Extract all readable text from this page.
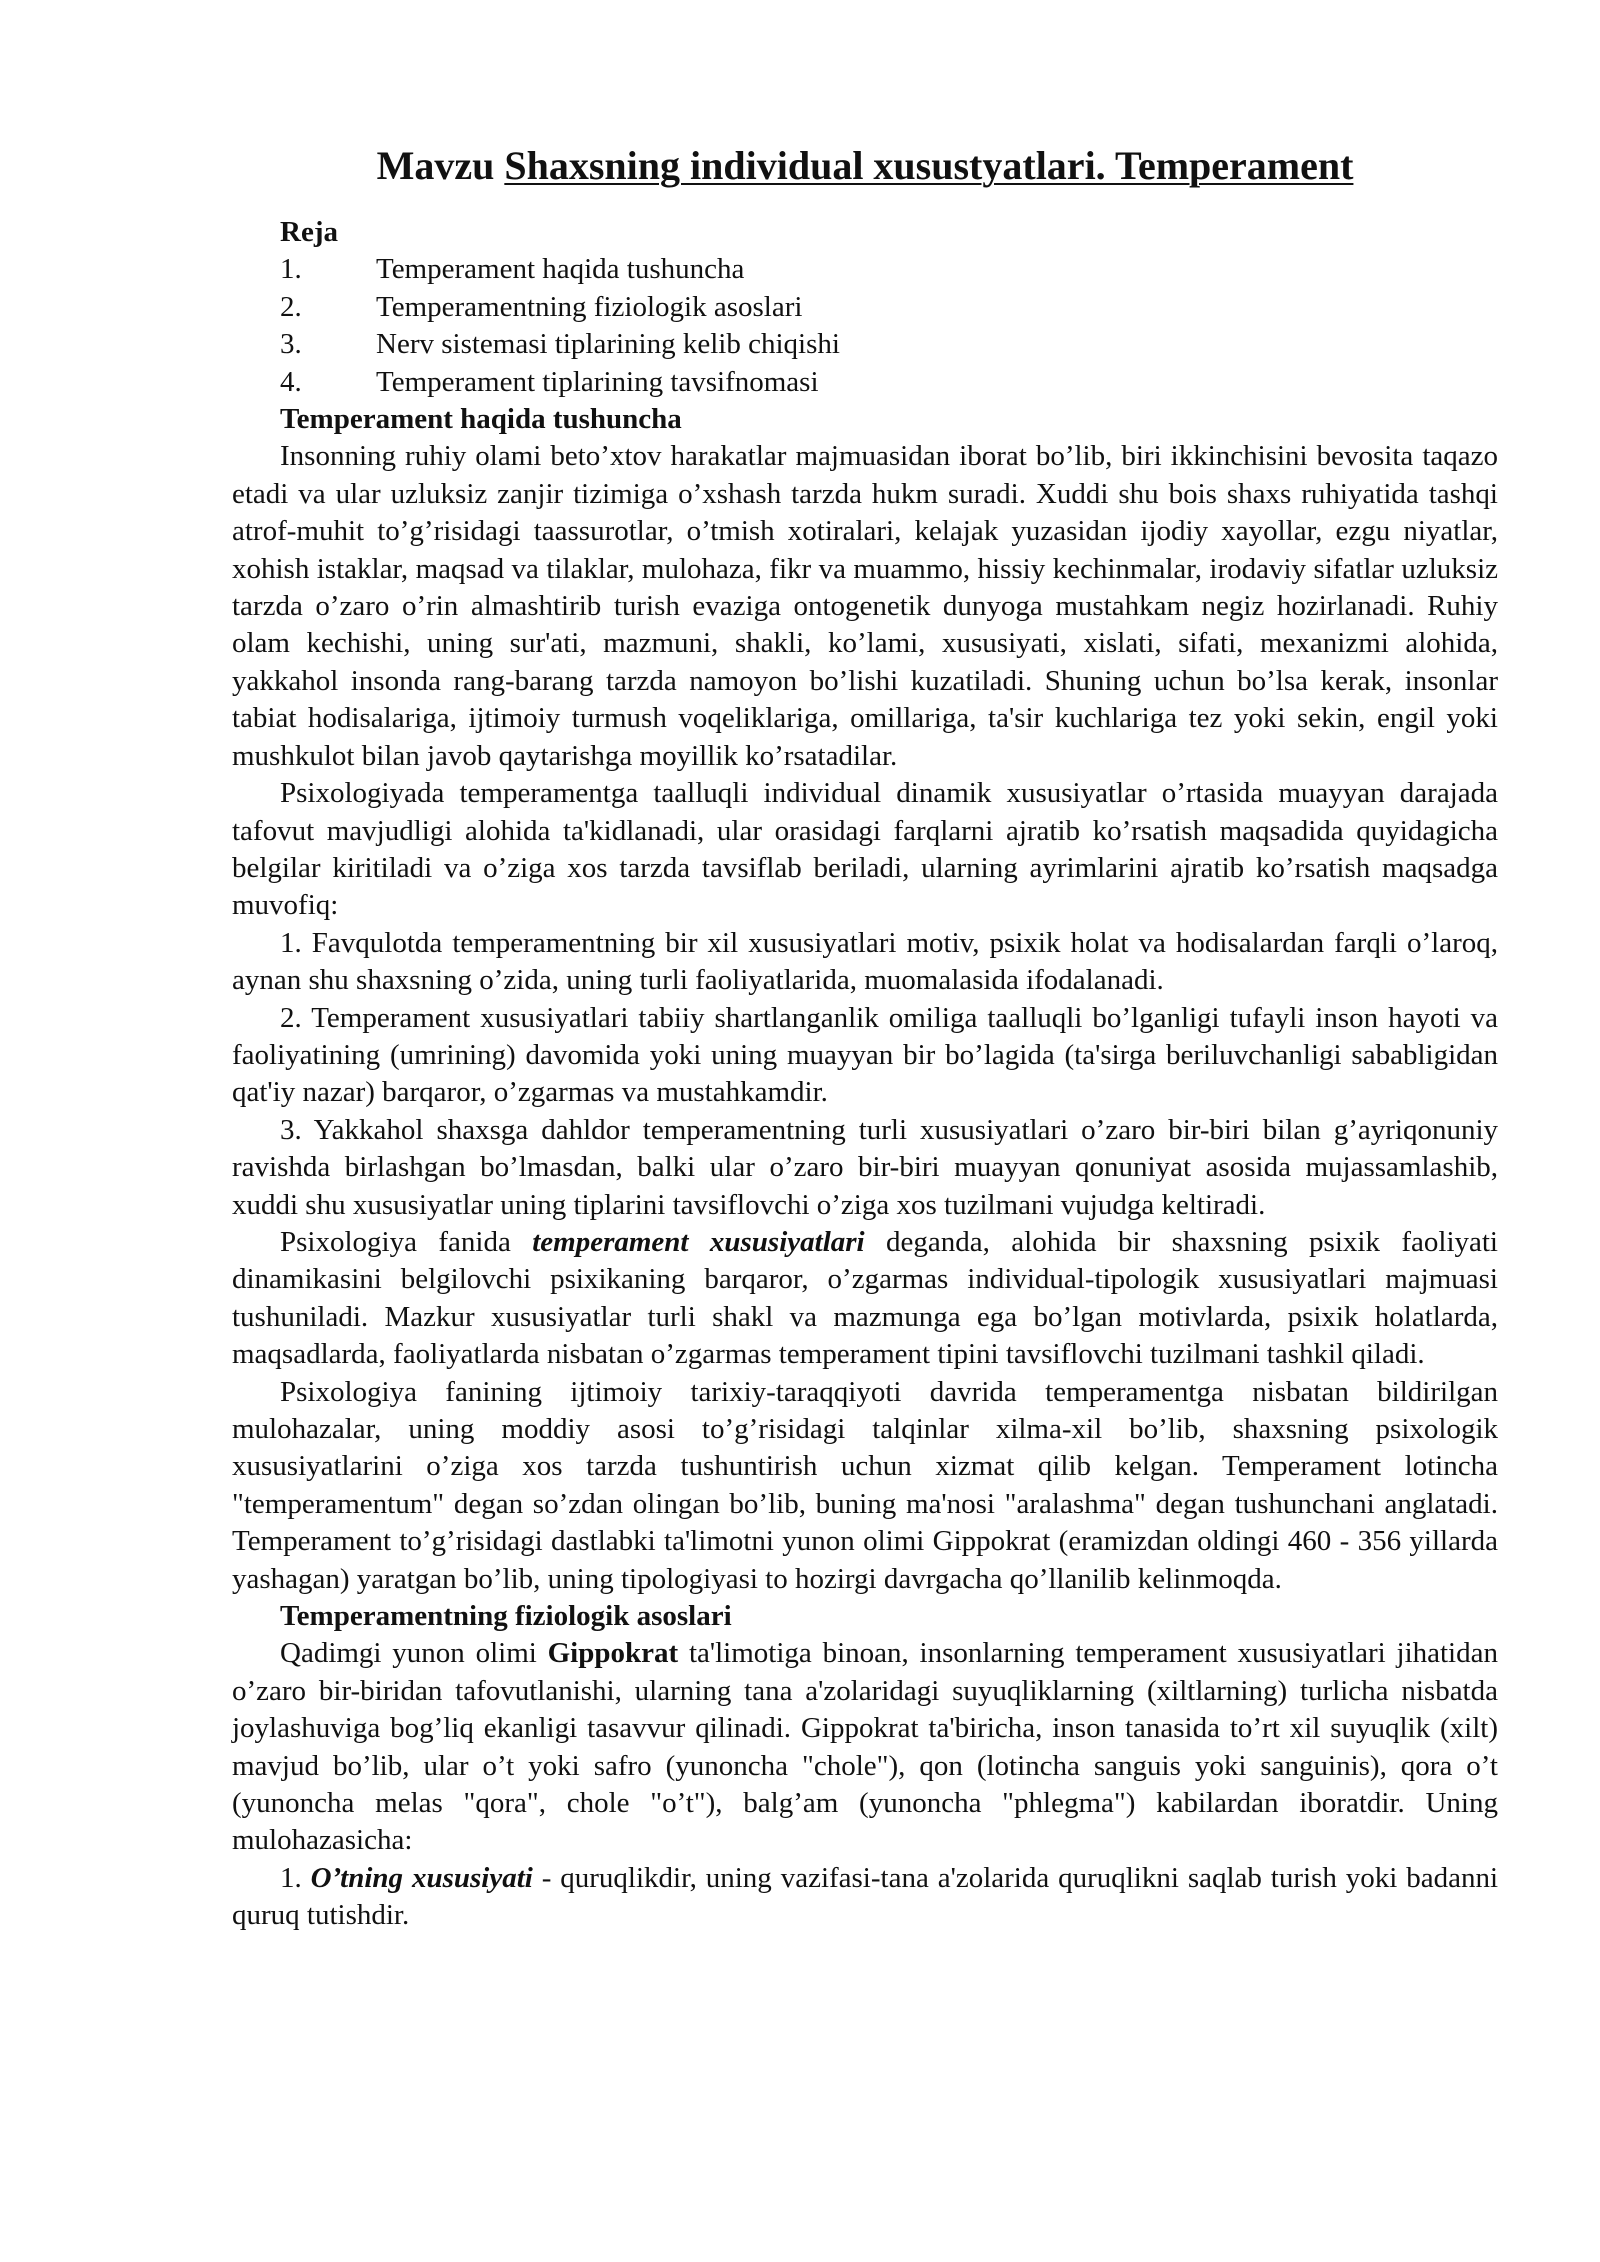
Mavzu Shaxsning individual xusustyatlari. Temperament

Reja

1.	Temperament haqida tushuncha
2.	Temperamentning fiziologik asoslari
3.	Nerv sistemasi tiplarining kelib chiqishi
4.	Temperament tiplarining tavsifnomasi

Temperament haqida tushuncha

Insonning ruhiy olami beto’xtov harakatlar majmuasidan iborat bo’lib, biri ikkinchisini bevosita taqazo etadi va ular uzluksiz zanjir tizimiga o’xshash tarzda hukm suradi. Xuddi shu bois shaxs ruhiyatida tashqi atrof-muhit to’g’risidagi taassurotlar, o’tmish xotiralari, kelajak yuzasidan ijodiy xayollar, ezgu niyatlar, xohish istaklar, maqsad va tilaklar, mulohaza, fikr va muammo, hissiy kechinmalar, irodaviy sifatlar uzluksiz tarzda o’zaro o’rin almashtirib turish evaziga ontogenetik dunyoga mustahkam negiz hozirlanadi. Ruhiy olam kechishi, uning sur'ati, mazmuni, shakli, ko’lami, xususiyati, xislati, sifati, mexanizmi alohida, yakkahol insonda rang-barang tarzda namoyon bo’lishi kuzatiladi. Shuning uchun bo’lsa kerak, insonlar tabiat hodisalariga, ijtimoiy turmush voqeliklariga, omillariga, ta'sir kuchlariga tez yoki sekin, engil yoki mushkulot bilan javob qaytarishga moyillik ko’rsatadilar.

Psixologiyada temperamentga taalluqli individual dinamik xususiyatlar o’rtasida muayyan darajada tafovut mavjudligi alohida ta'kidlanadi, ular orasidagi farqlarni ajratib ko’rsatish maqsadida quyidagicha belgilar kiritiladi va o’ziga xos tarzda tavsiflab beriladi, ularning ayrimlarini ajratib ko’rsatish maqsadga muvofiq:

1. Favqulotda temperamentning bir xil xususiyatlari motiv, psixik holat va hodisalardan farqli o’laroq, aynan shu shaxsning o’zida, uning turli faoliyatlarida, muomalasida ifodalanadi.

2. Temperament xususiyatlari tabiiy shartlanganlik omiliga taalluqli bo’lganligi tufayli inson hayoti va faoliyatining (umrining) davomida yoki uning muayyan bir bo’lagida (ta'sirga beriluvchanligi sababligidan qat'iy nazar) barqaror, o’zgarmas va mustahkamdir.

3. Yakkahol shaxsga dahldor temperamentning turli xususiyatlari o’zaro bir-biri bilan g’ayriqonuniy ravishda birlashgan bo’lmasdan, balki ular o’zaro bir-biri muayyan qonuniyat asosida mujassamlashib, xuddi shu xususiyatlar uning tiplarini tavsiflovchi o’ziga xos tuzilmani vujudga keltiradi.

Psixologiya fanida temperament xususiyatlari deganda, alohida bir shaxsning psixik faoliyati dinamikasini belgilovchi psixikaning barqaror, o’zgarmas individual-tipologik xususiyatlari majmuasi tushuniladi. Mazkur xususiyatlar turli shakl va mazmunga ega bo’lgan motivlarda, psixik holatlarda, maqsadlarda, faoliyatlarda nisbatan o’zgarmas temperament tipini tavsiflovchi tuzilmani tashkil qiladi.

Psixologiya fanining ijtimoiy tarixiy-taraqqiyoti davrida temperamentga nisbatan bildirilgan mulohazalar, uning moddiy asosi to’g’risidagi talqinlar xilma-xil bo’lib, shaxsning psixologik xususiyatlarini o’ziga xos tarzda tushuntirish uchun xizmat qilib kelgan. Temperament lotincha "temperamentum" degan so’zdan olingan bo’lib, buning ma'nosi "aralashma" degan tushunchani anglatadi. Temperament to’g’risidagi dastlabki ta'limotni yunon olimi Gippokrat (eramizdan oldingi 460 - 356 yillarda yashagan) yaratgan bo’lib, uning tipologiyasi to hozirgi davrgacha qo’llanilib kelinmoqda.

Temperamentning fiziologik asoslari

Qadimgi yunon olimi Gippokrat ta'limotiga binoan, insonlarning temperament xususiyatlari jihatidan o’zaro bir-biridan tafovutlanishi, ularning tana a'zolaridagi suyuqliklarning (xiltlarning) turlicha nisbatda joylashuviga bog’liq ekanligi tasavvur qilinadi. Gippokrat ta'biricha, inson tanasida to’rt xil suyuqlik (xilt) mavjud bo’lib, ular o’t yoki safro (yunoncha "chole"), qon (lotincha sanguis yoki sanguinis), qora o’t (yunoncha melas "qora", chole "o’t"), balg’am (yunoncha "phlegma") kabilardan iboratdir. Uning mulohazasicha:

1. O’tning xususiyati - quruqlikdir, uning vazifasi-tana a'zolarida quruqlikni saqlab turish yoki badanni quruq tutishdir.
